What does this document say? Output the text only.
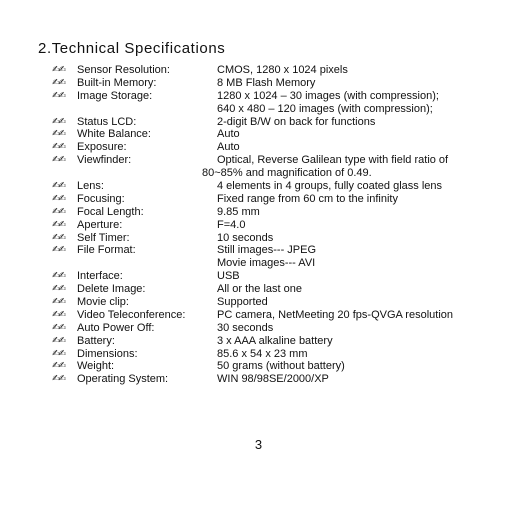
2.Technical Specifications
✍✍	Sensor Resolution:	CMOS, 1280 x 1024 pixels
✍✍	Built-in Memory:	8 MB Flash Memory
✍✍	Image Storage:	1280 x 1024 – 30 images (with compression);
640 x 480 – 120 images (with compression);
✍✍	Status LCD:	2-digit B/W on back for functions
✍✍	White Balance:	Auto
✍✍	Exposure:	Auto
✍✍	Viewfinder:	Optical, Reverse Galilean type with field ratio of
80~85% and magnification of 0.49.
✍✍	Lens:	4 elements in 4 groups, fully coated glass lens
✍✍	Focusing:	Fixed range from 60 cm to the infinity
✍✍	Focal Length:	9.85 mm
✍✍	Aperture:	F=4.0
✍✍	Self Timer:	10 seconds
✍✍	File Format:	Still images--- JPEG
Movie images--- AVI
✍✍	Interface:	USB
✍✍	Delete Image:	All or the last one
✍✍	Movie clip:	Supported
✍✍	Video Teleconference:	PC camera, NetMeeting 20 fps-QVGA resolution
✍✍	Auto Power Off:	30 seconds
✍✍	Battery:	3 x AAA alkaline battery
✍✍	Dimensions:	85.6 x 54 x 23 mm
✍✍	Weight:	50 grams (without battery)
✍✍	Operating System:	WIN 98/98SE/2000/XP
3
